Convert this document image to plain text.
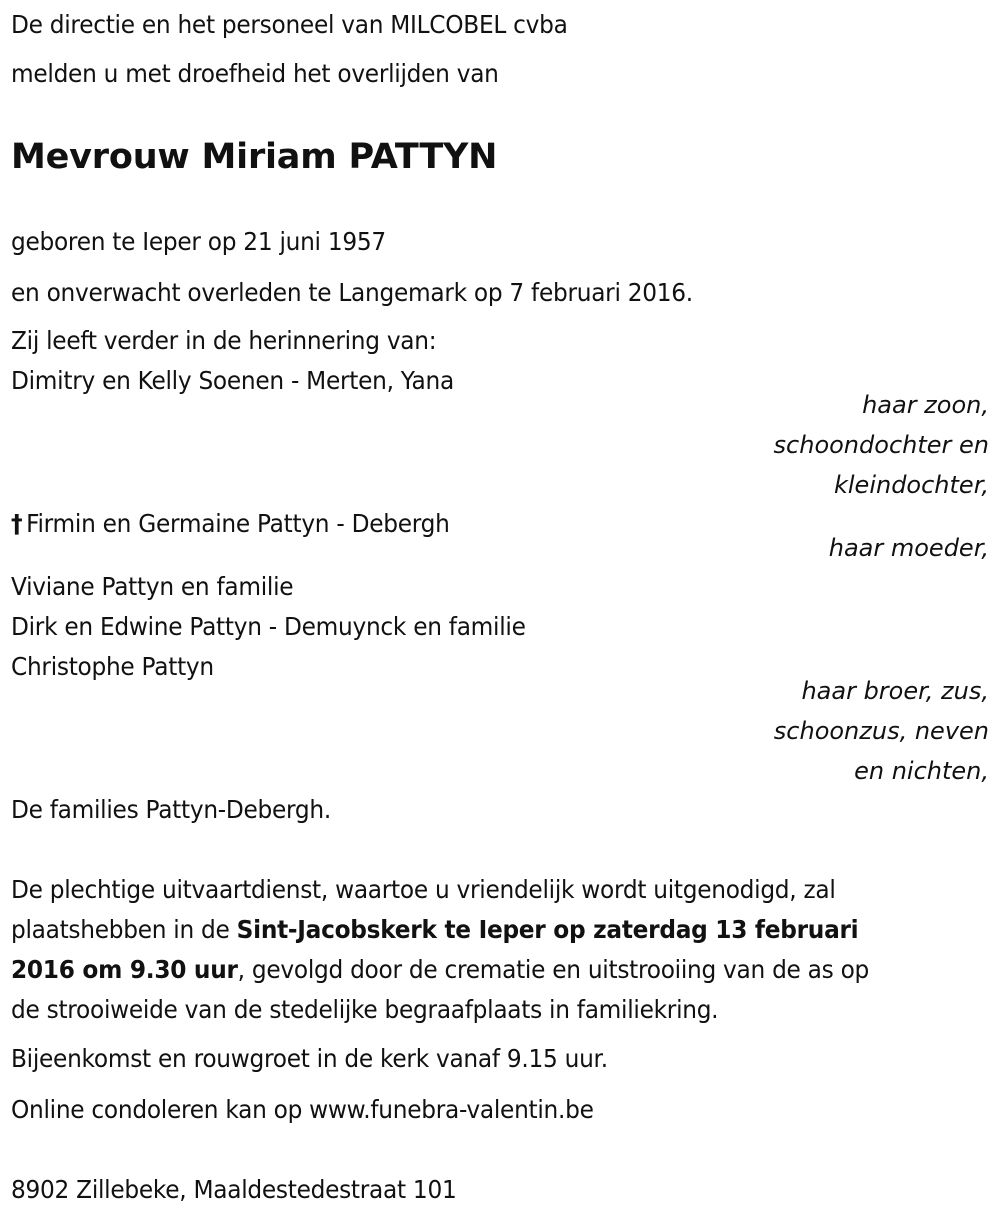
De directie en het personeel van MILCOBEL cvba
melden u met droefheid het overlijden van
Mevrouw Miriam PATTYN
geboren te Ieper op 21 juni 1957
en onverwacht overleden te Langemark op 7 februari 2016.
Zij leeft verder in de herinnering van:
Dimitry en Kelly Soenen - Merten, Yana
haar zoon,
schoondochter en
kleindochter,
† Firmin en Germaine Pattyn - Debergh
haar moeder,
Viviane Pattyn en familie
Dirk en Edwine Pattyn - Demuynck en familie
Christophe Pattyn
haar broer, zus,
schoonzus, neven
en nichten,
De families Pattyn-Debergh.
De plechtige uitvaartdienst, waartoe u vriendelijk wordt uitgenodigd, zal
plaatshebben in de Sint-Jacobskerk te Ieper op zaterdag 13 februari
2016 om 9.30 uur, gevolgd door de crematie en uitstrooiing van de as op
de strooiweide van de stedelijke begraafplaats in familiekring.
Bijeenkomst en rouwgroet in de kerk vanaf 9.15 uur.
Online condoleren kan op www.funebra-valentin.be
8902 Zillebeke, Maaldestedestraat 101
